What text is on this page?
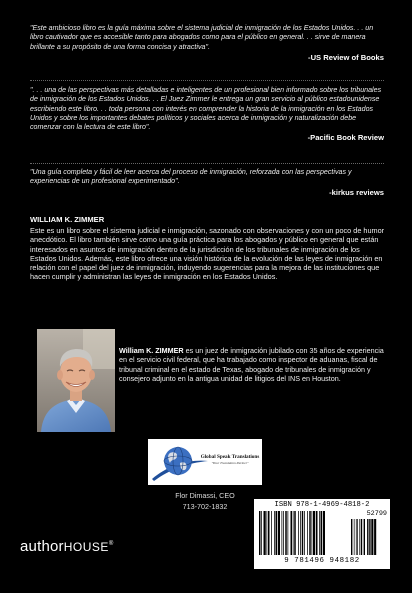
"Este ambicioso libro es la guía máxima sobre el sistema judicial de inmigración de los Estados Unidos. . . un libro cautivador que es accesible tanto para abogados como para el público en general. . . sirve de manera brillante a su propósito de una forma concisa y atractiva".

-US Review of Books

". . . una de las perspectivas más detalladas e inteligentes de un profesional bien informado sobre los tribunales de inmigración de los Estados Unidos. . . El Juez Zimmer le entrega un gran servicio al público estadounidense escribiendo este libro. . . toda persona con interés en comprender la historia de la inmigración en los Estados Unidos y sobre los importantes debates políticos y sociales acerca de inmigración y naturalización debe comenzar con la lectura de este libro".

-Pacific Book Review

"Una guía completa y fácil de leer acerca del proceso de inmigración, reforzada con las perspectivas y experiencias de un profesional experimentado".

-kirkus reviews

WILLIAM K. ZIMMER

Este es un libro sobre el sistema judicial e inmigración, sazonado con observaciones y con un poco de humor anecdótico. El libro también sirve como una guía práctica para los abogados y público en general que están interesados en asuntos de inmigración dentro de la jurisdicción de los tribunales de inmigración de los Estados Unidos. Además, este libro ofrece una visión histórica de la evolución de las leyes de inmigración en relación con el papel del juez de inmigración, induyendo sugerencias para la mejora de las instituciones que hacen cumplir y administran las leyes de inmigración en los Estados Unidos.

William K. ZIMMER es un juez de inmigración jubilado con 35 años de experiencia en el servicio civil federal, que ha trabajado como inspector de aduanas, fiscal de tribunal criminal en el estado de Texas, abogado de tribunales de inmigración y consejero adjunto en la antigua unidad de litigios del INS en Houston.

Global Speak Translations
"Your Translation Partner"
Flor Dimassi, CEO
713-702-1832
authorHOUSE®
ISBN 978-1-4969-4818-2
52799
9 781496 948182
